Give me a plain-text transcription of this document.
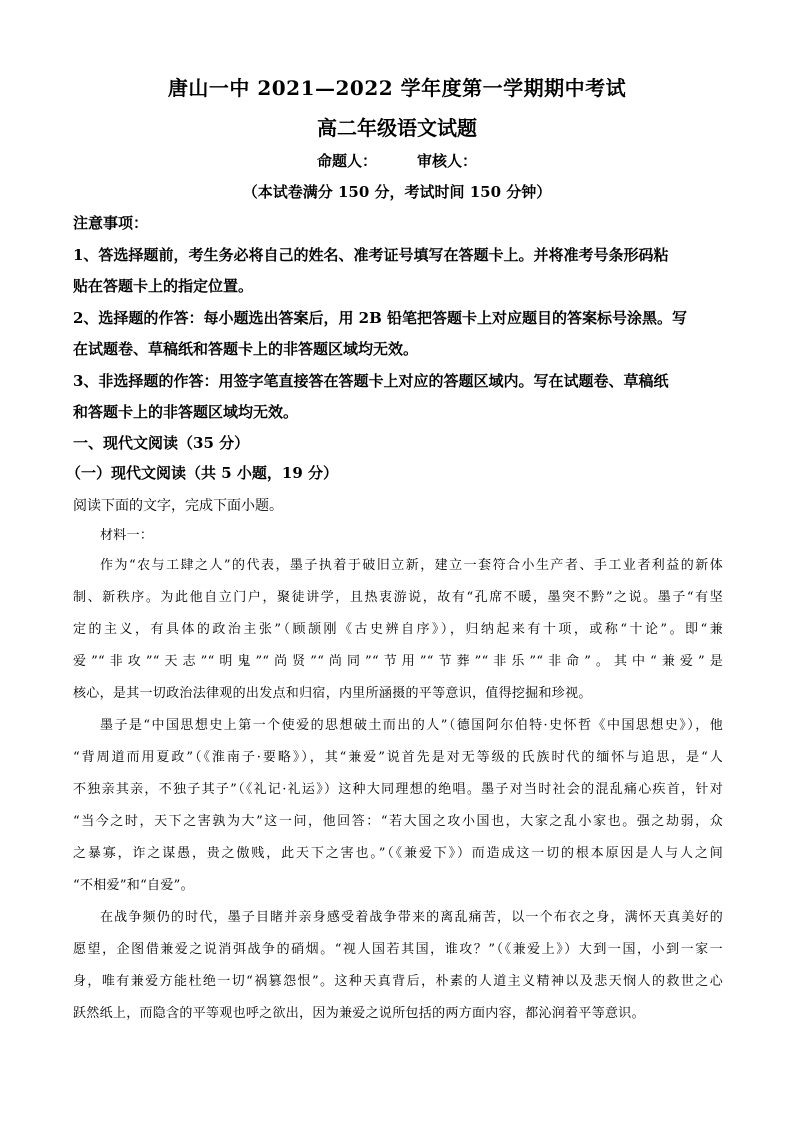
唐山一中 2021—2022 学年度第一学期期中考试
高二年级语文试题
命题人：	审核人：
（本试卷满分 150 分，考试时间 150 分钟）
注意事项：
1、答选择题前，考生务必将自己的姓名、准考证号填写在答题卡上。并将准考号条形码粘
贴在答题卡上的指定位置。
2、选择题的作答：每小题选出答案后，用 2B 铅笔把答题卡上对应题目的答案标号涂黑。写
在试题卷、草稿纸和答题卡上的非答题区域均无效。
3、非选择题的作答：用签字笔直接答在答题卡上对应的答题区域内。写在试题卷、草稿纸
和答题卡上的非答题区域均无效。
一、现代文阅读（35 分）
（一）现代文阅读（共 5 小题，19 分）
阅读下面的文字，完成下面小题。
材料一：
作为“农与工肆之人”的代表，墨子执着于破旧立新，建立一套符合小生产者、手工业者利益的新体
制、新秩序。为此他自立门户，聚徒讲学，且热衷游说，故有“孔席不暖，墨突不黔”之说。墨子“有坚
定的主义，有具体的政治主张”（顾颉刚《古史辨自序》），归纳起来有十项，或称“十论”。即“兼
爱”“非攻”“天志”“明鬼”“尚贤”“尚同”“节用”“节葬”“非乐”“非命”。其中“兼爱”是
核心，是其一切政治法律观的出发点和归宿，内里所涵摄的平等意识，值得挖掘和珍视。
墨子是“中国思想史上第一个使爱的思想破土而出的人”（德国阿尔伯特·史怀哲《中国思想史》），他
“背周道而用夏政”（《淮南子·要略》），其“兼爱”说首先是对无等级的氏族时代的缅怀与追思，是“人
不独亲其亲，不独子其子”（《礼记·礼运》）这种大同理想的绝唱。墨子对当时社会的混乱痛心疾首，针对
“当今之时，天下之害孰为大”这一问，他回答：“若大国之攻小国也，大家之乱小家也。强之劫弱，众
之暴寡，诈之谋愚，贵之傲贱，此天下之害也。”（《兼爱下》）而造成这一切的根本原因是人与人之间
“不相爱”和“自爱”。
在战争频仍的时代，墨子目睹并亲身感受着战争带来的离乱痛苦，以一个布衣之身，满怀天真美好的
愿望，企图借兼爱之说消弭战争的硝烟。“视人国若其国，谁攻？”（《兼爱上》）大到一国，小到一家一
身，唯有兼爱方能杜绝一切“祸篡怨恨”。这种天真背后，朴素的人道主义精神以及悲天悯人的救世之心
跃然纸上，而隐含的平等观也呼之欲出，因为兼爱之说所包括的两方面内容，都沁润着平等意识。
